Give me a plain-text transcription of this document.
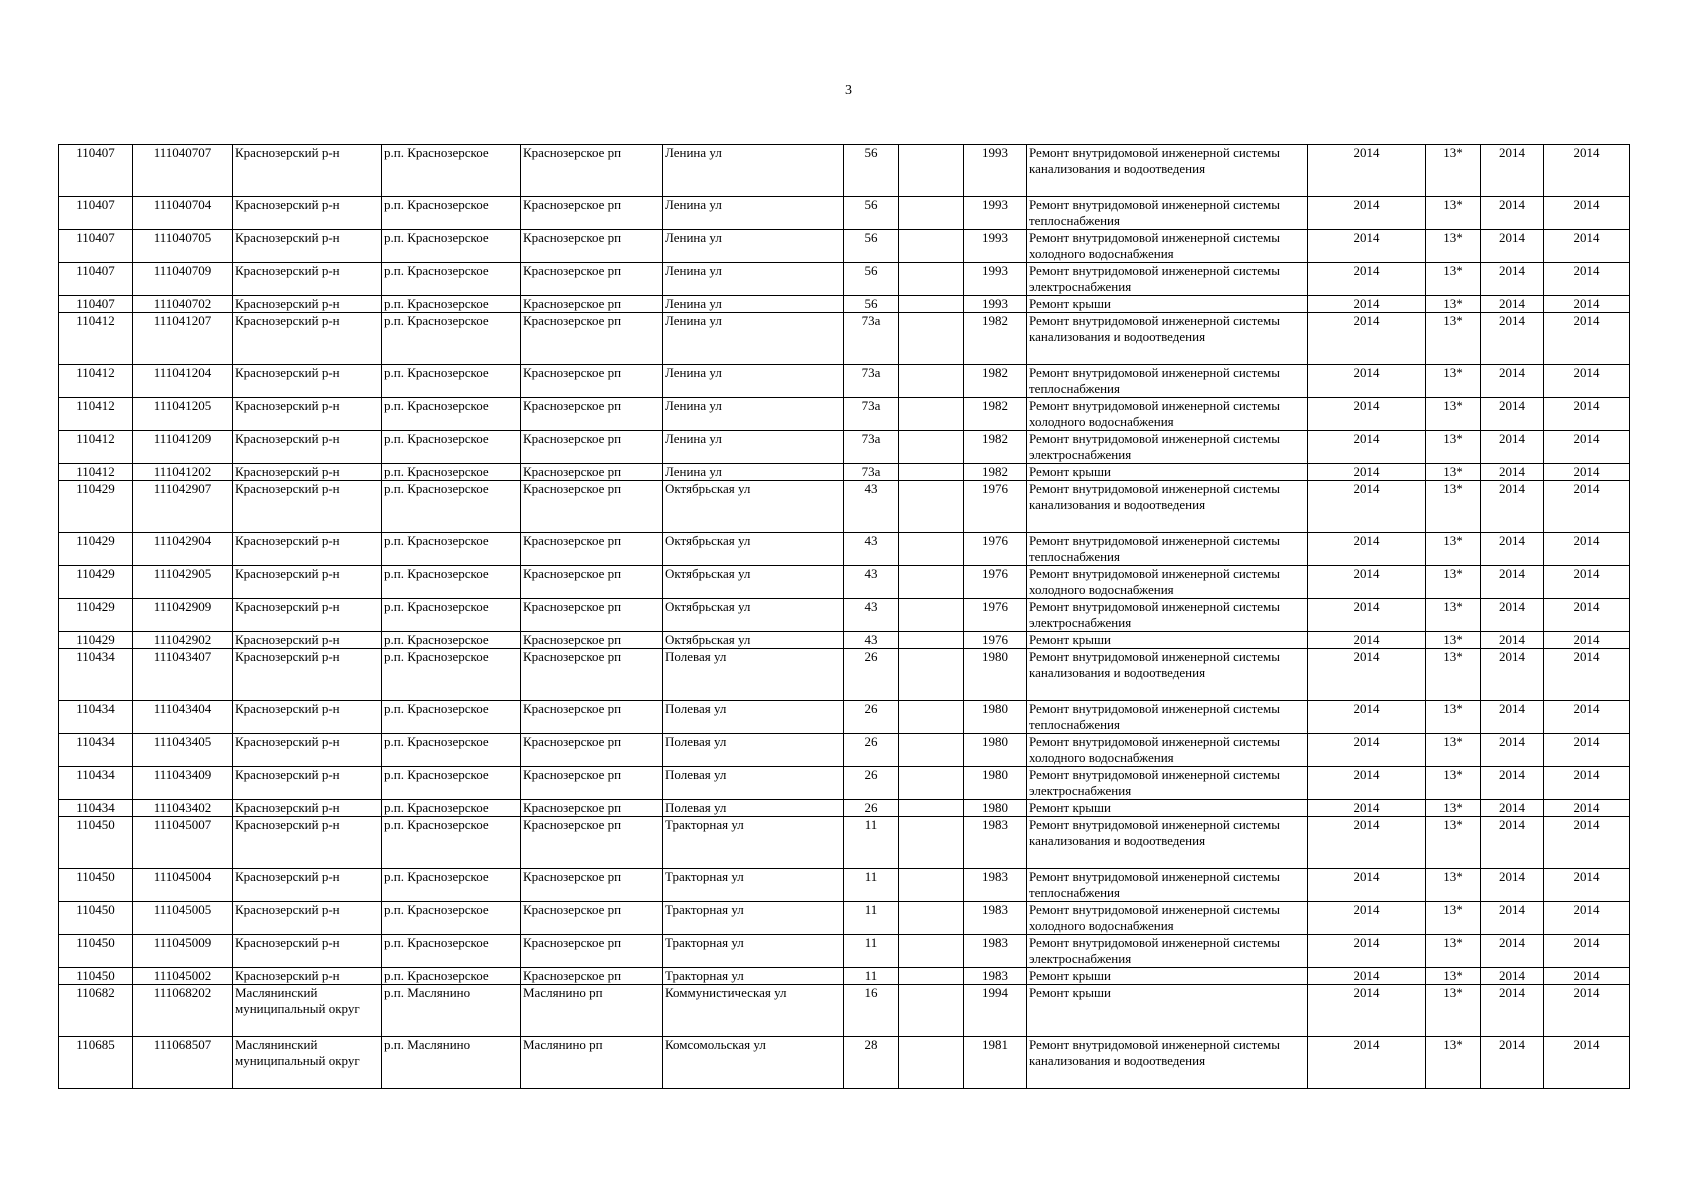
3
110407	111040707	Краснозерский р-н	р.п. Краснозерское	Краснозерское рп	Ленина ул	56		1993	Ремонт внутридомовой инженерной системы канализования и водоотведения	2014	13*	2014	2014
110407	111040704	Краснозерский р-н	р.п. Краснозерское	Краснозерское рп	Ленина ул	56		1993	Ремонт внутридомовой инженерной системы теплоснабжения	2014	13*	2014	2014
110407	111040705	Краснозерский р-н	р.п. Краснозерское	Краснозерское рп	Ленина ул	56		1993	Ремонт внутридомовой инженерной системы холодного водоснабжения	2014	13*	2014	2014
110407	111040709	Краснозерский р-н	р.п. Краснозерское	Краснозерское рп	Ленина ул	56		1993	Ремонт внутридомовой инженерной системы электроснабжения	2014	13*	2014	2014
110407	111040702	Краснозерский р-н	р.п. Краснозерское	Краснозерское рп	Ленина ул	56		1993	Ремонт крыши	2014	13*	2014	2014
110412	111041207	Краснозерский р-н	р.п. Краснозерское	Краснозерское рп	Ленина ул	73а		1982	Ремонт внутридомовой инженерной системы канализования и водоотведения	2014	13*	2014	2014
110412	111041204	Краснозерский р-н	р.п. Краснозерское	Краснозерское рп	Ленина ул	73а		1982	Ремонт внутридомовой инженерной системы теплоснабжения	2014	13*	2014	2014
110412	111041205	Краснозерский р-н	р.п. Краснозерское	Краснозерское рп	Ленина ул	73а		1982	Ремонт внутридомовой инженерной системы холодного водоснабжения	2014	13*	2014	2014
110412	111041209	Краснозерский р-н	р.п. Краснозерское	Краснозерское рп	Ленина ул	73а		1982	Ремонт внутридомовой инженерной системы электроснабжения	2014	13*	2014	2014
110412	111041202	Краснозерский р-н	р.п. Краснозерское	Краснозерское рп	Ленина ул	73а		1982	Ремонт крыши	2014	13*	2014	2014
110429	111042907	Краснозерский р-н	р.п. Краснозерское	Краснозерское рп	Октябрьская ул	43		1976	Ремонт внутридомовой инженерной системы канализования и водоотведения	2014	13*	2014	2014
110429	111042904	Краснозерский р-н	р.п. Краснозерское	Краснозерское рп	Октябрьская ул	43		1976	Ремонт внутридомовой инженерной системы теплоснабжения	2014	13*	2014	2014
110429	111042905	Краснозерский р-н	р.п. Краснозерское	Краснозерское рп	Октябрьская ул	43		1976	Ремонт внутридомовой инженерной системы холодного водоснабжения	2014	13*	2014	2014
110429	111042909	Краснозерский р-н	р.п. Краснозерское	Краснозерское рп	Октябрьская ул	43		1976	Ремонт внутридомовой инженерной системы электроснабжения	2014	13*	2014	2014
110429	111042902	Краснозерский р-н	р.п. Краснозерское	Краснозерское рп	Октябрьская ул	43		1976	Ремонт крыши	2014	13*	2014	2014
110434	111043407	Краснозерский р-н	р.п. Краснозерское	Краснозерское рп	Полевая ул	26		1980	Ремонт внутридомовой инженерной системы канализования и водоотведения	2014	13*	2014	2014
110434	111043404	Краснозерский р-н	р.п. Краснозерское	Краснозерское рп	Полевая ул	26		1980	Ремонт внутридомовой инженерной системы теплоснабжения	2014	13*	2014	2014
110434	111043405	Краснозерский р-н	р.п. Краснозерское	Краснозерское рп	Полевая ул	26		1980	Ремонт внутридомовой инженерной системы холодного водоснабжения	2014	13*	2014	2014
110434	111043409	Краснозерский р-н	р.п. Краснозерское	Краснозерское рп	Полевая ул	26		1980	Ремонт внутридомовой инженерной системы электроснабжения	2014	13*	2014	2014
110434	111043402	Краснозерский р-н	р.п. Краснозерское	Краснозерское рп	Полевая ул	26		1980	Ремонт крыши	2014	13*	2014	2014
110450	111045007	Краснозерский р-н	р.п. Краснозерское	Краснозерское рп	Тракторная ул	11		1983	Ремонт внутридомовой инженерной системы канализования и водоотведения	2014	13*	2014	2014
110450	111045004	Краснозерский р-н	р.п. Краснозерское	Краснозерское рп	Тракторная ул	11		1983	Ремонт внутридомовой инженерной системы теплоснабжения	2014	13*	2014	2014
110450	111045005	Краснозерский р-н	р.п. Краснозерское	Краснозерское рп	Тракторная ул	11		1983	Ремонт внутридомовой инженерной системы холодного водоснабжения	2014	13*	2014	2014
110450	111045009	Краснозерский р-н	р.п. Краснозерское	Краснозерское рп	Тракторная ул	11		1983	Ремонт внутридомовой инженерной системы электроснабжения	2014	13*	2014	2014
110450	111045002	Краснозерский р-н	р.п. Краснозерское	Краснозерское рп	Тракторная ул	11		1983	Ремонт крыши	2014	13*	2014	2014
110682	111068202	Маслянинский муниципальный округ	р.п. Маслянино	Маслянино рп	Коммунистическая ул	16		1994	Ремонт крыши	2014	13*	2014	2014
110685	111068507	Маслянинский муниципальный округ	р.п. Маслянино	Маслянино рп	Комсомольская ул	28		1981	Ремонт внутридомовой инженерной системы канализования и водоотведения	2014	13*	2014	2014
